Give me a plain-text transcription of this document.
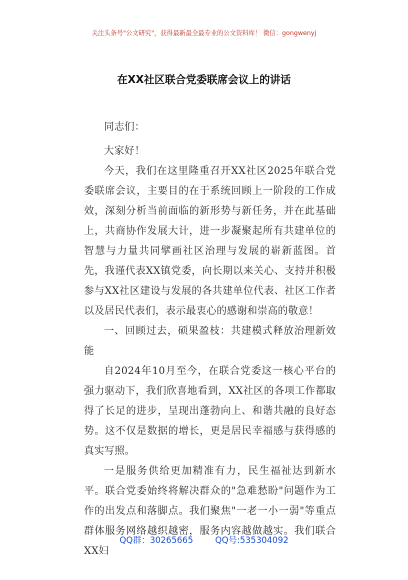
关注头条号"公文研究"，获得最新最全最专业的公文资料库！ 微信：gongwenyj
在XX社区联合党委联席会议上的讲话

同志们：

大家好！

今天，我们在这里隆重召开XX社区2025年联合党委联席会议，主要目的在于系统回顾上一阶段的工作成效，深刻分析当前面临的新形势与新任务，并在此基础上，共商协作发展大计，进一步凝聚起所有共建单位的智慧与力量共同擘画社区治理与发展的崭新蓝图。首先，我谨代表XX镇党委，向长期以来关心、支持并积极参与XX社区建设与发展的各共建单位代表、社区工作者以及居民代表们，表示最衷心的感谢和崇高的敬意！

一、回顾过去，硕果盈枝：共建模式释放治理新效能

自2024年10月至今，在联合党委这一核心平台的强力驱动下，我们欣喜地看到，XX社区的各项工作都取得了长足的进步，呈现出蓬勃向上、和谐共融的良好态势。这不仅是数据的增长，更是居民幸福感与获得感的真实写照。

一是服务供给更加精准有力，民生福祉达到新水平。联合党委始终将解决群众的"急难愁盼"问题作为工作的出发点和落脚点。我们聚焦"一老一小一弱"等重点群体服务网络越织越密，服务内容越做越实。我们联合XX妇

QQ群：30265665	QQ号:535304092
